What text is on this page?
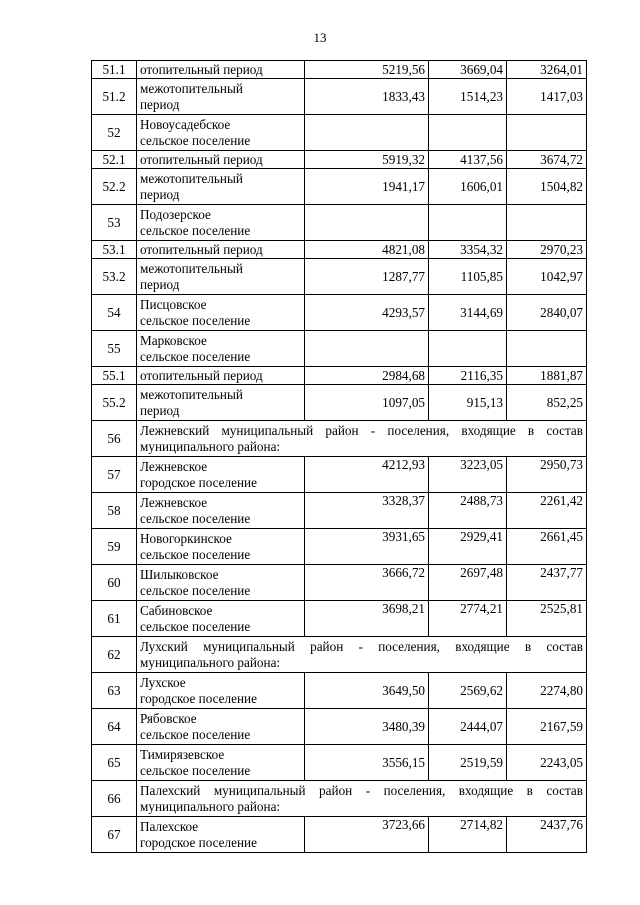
13
51.1	отопительный период	5219,56	3669,04	3264,01
51.2	межотопительный
период	1833,43	1514,23	1417,03
52	Новоусадебское
сельское поселение			

52.1	отопительный период	5919,32	4137,56	3674,72
52.2	межотопительный
период	1941,17	1606,01	1504,82
53	Подозерское
сельское поселение			

53.1	отопительный период	4821,08	3354,32	2970,23
53.2	межотопительный
период	1287,77	1105,85	1042,97
54	Писцовское
сельское поселение	4293,57	3144,69	2840,07
55	Марковское
сельское поселение			

55.1	отопительный период	2984,68	2116,35	1881,87
55.2	межотопительный
период	1097,05	915,13	852,25
56	Лежневский муниципальный район - поселения, входящие в состав муниципального района:			
57	Лежневское
городское поселение	4212,93	3223,05	2950,73
58	Лежневское
сельское поселение	3328,37	2488,73	2261,42
59	Новогоркинское
сельское поселение	3931,65	2929,41	2661,45
60	Шилыковское
сельское поселение	3666,72	2697,48	2437,77
61	Сабиновское
сельское поселение	3698,21	2774,21	2525,81
62	Лухский муниципальный район - поселения, входящие в состав муниципального района:			
63	Лухское
городское поселение	3649,50	2569,62	2274,80
64	Рябовское
сельское поселение	3480,39	2444,07	2167,59
65	Тимирязевское
сельское поселение	3556,15	2519,59	2243,05
66	Палехский муниципальный район - поселения, входящие в состав муниципального района:			
67	Палехское
городское поселение	3723,66	2714,82	2437,76
